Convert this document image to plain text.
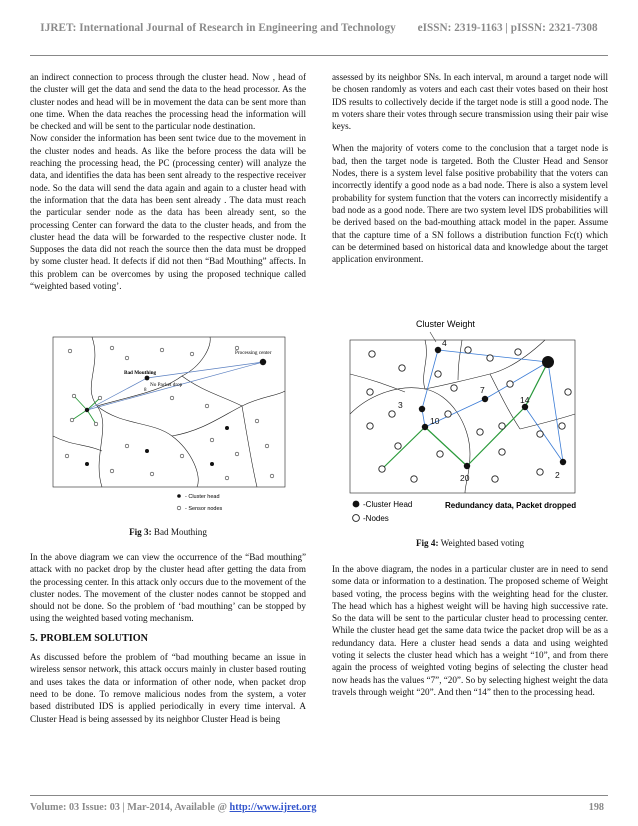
IJRET: International Journal of Research in Engineering and Technology eISSN: 2319-1163 | pISSN: 2321-7308

an indirect connection to process through the cluster head. Now , head of the cluster will get the data and send the data to the head processor. As the cluster nodes and head will be in movement the data can be sent more than one time. When the data reaches the processing head the information will be checked and will be sent to the particular node destination.

Now consider the information has been sent twice due to the movement in the cluster nodes and heads. As like the before process the data will be reaching the processing head, the PC (processing center) will analyze the data, and identifies the data has been sent already to the respective receiver node. So the data will send the data again and again to a cluster head with the information that the data has been sent already . The data must reach the particular sender node as the data has been already sent, so the processing Center can forward the data to the cluster heads, and from the cluster head the data will be forwarded to the respective cluster node. It Supposes the data did not reach the source then the data must be dropped by some cluster head. It defects if did not then “Bad Mouthing” affects. In this problem can be overcomes by using the proposed technique called “weighted based voting’.

Processing center
Bad Mouthing
No Packet drop
8
- Cluster head
- Sensor nodes
Fig 3: Bad Mouthing

In the above diagram we can view the occurrence of the “Bad mouthing” attack with no packet drop by the cluster head after getting the data from the processing center. In this attack only occurs due to the movement of the cluster nodes. The movement of the cluster nodes cannot be stopped and should not be done. So the problem of ‘bad mouthing’ can be stopped by using the weighted based voting mechanism.

5. PROBLEM SOLUTION

As discussed before the problem of “bad mouthing became an issue in wireless sensor network, this attack occurs mainly in cluster based routing and uses takes the data or information of other node, when packet drop need to be done. To remove malicious nodes from the system, a voter based distributed IDS is applied periodically in every time interval. A Cluster Head is being assessed by its neighbor Cluster Head is being

assessed by its neighbor SNs. In each interval, m around a target node will be chosen randomly as voters and each cast their votes based on their host IDS results to collectively decide if the target node is still a good node. The m voters share their votes through secure transmission using their pair wise keys.

When the majority of voters come to the conclusion that a target node is bad, then the target node is targeted. Both the Cluster Head and Sensor Nodes, there is a system level false positive probability that the voters can incorrectly identify a good node as a bad node. There is also a system level probability for system function that the voters can incorrectly misidentify a bad node as a good node. There are two system level IDS probabilities will be derived based on the bad-mouthing attack model in the paper. Assume that the capture time of a SN follows a distribution function Fc(t) which can be determined based on historical data and knowledge about the target application environment.

Cluster Weight
4
7
3
10
14
20	2
-Cluster Head
-Nodes
Redundancy data, Packet dropped
Fig 4: Weighted based voting

In the above diagram, the nodes in a particular cluster are in need to send some data or information to a destination. The proposed scheme of Weight based voting, the process begins with the weighting head for the cluster. The head which has a highest weight will be having high successive rate. So the data will be sent to the particular cluster head to processing center. While the cluster head get the same data twice the packet drop will be as a redundancy data. Here a cluster head sends a data and using weighted voting it selects the cluster head which has a weight “10”, and from there again the process of weighted voting begins of selecting the cluster head now heads has the values “7”, “20”. So by selecting highest weight the data travels through weight “20”. And then “14” then to the processing head.

Volume: 03 Issue: 03 | Mar-2014, Available @ http://www.ijret.org	198
